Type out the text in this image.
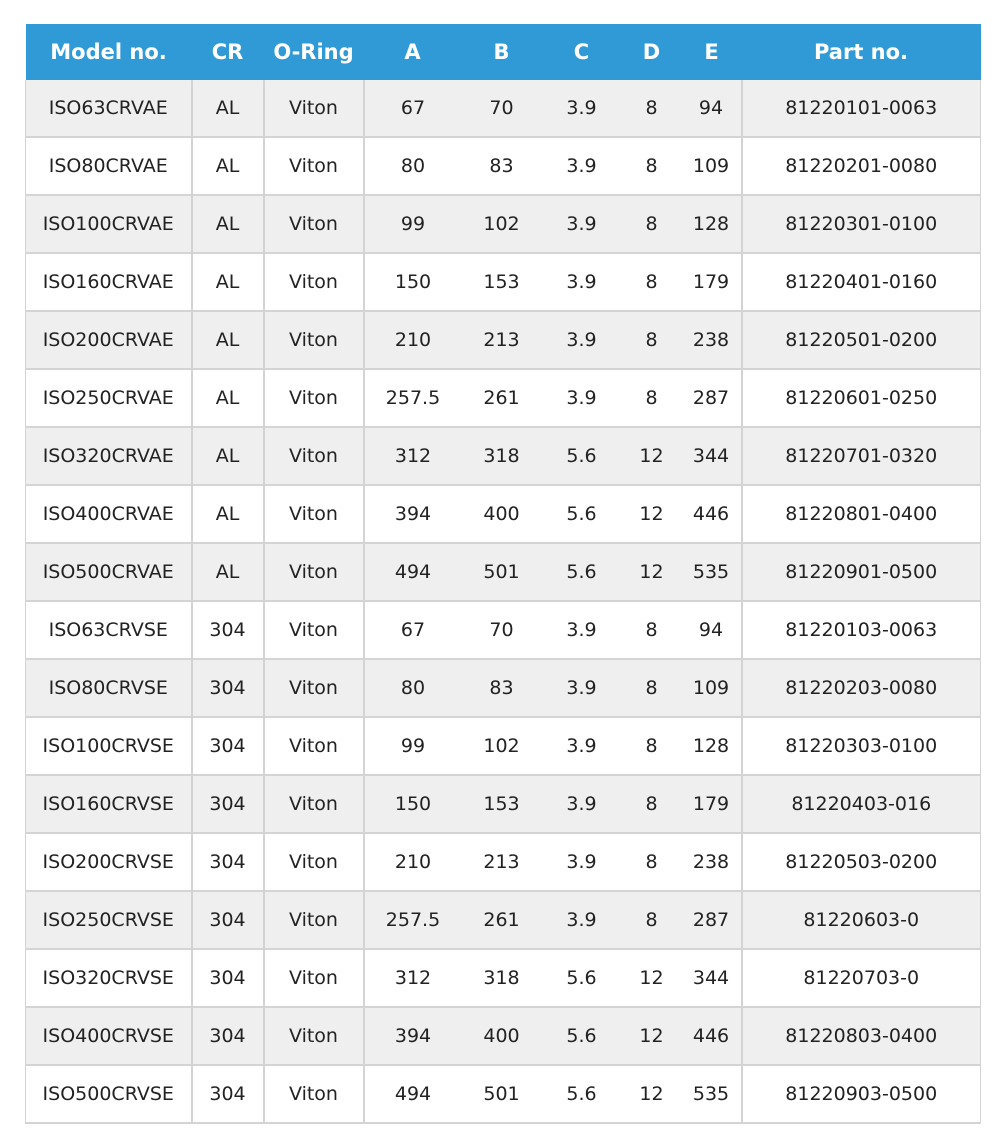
Model no.	CR	O-Ring	A	B	C	D	E	Part no.
ISO63CRVAE	AL	Viton	67	70	3.9	8	94	81220101-0063
ISO80CRVAE	AL	Viton	80	83	3.9	8	109	81220201-0080
ISO100CRVAE	AL	Viton	99	102	3.9	8	128	81220301-0100
ISO160CRVAE	AL	Viton	150	153	3.9	8	179	81220401-0160
ISO200CRVAE	AL	Viton	210	213	3.9	8	238	81220501-0200
ISO250CRVAE	AL	Viton	257.5	261	3.9	8	287	81220601-0250
ISO320CRVAE	AL	Viton	312	318	5.6	12	344	81220701-0320
ISO400CRVAE	AL	Viton	394	400	5.6	12	446	81220801-0400
ISO500CRVAE	AL	Viton	494	501	5.6	12	535	81220901-0500
ISO63CRVSE	304	Viton	67	70	3.9	8	94	81220103-0063
ISO80CRVSE	304	Viton	80	83	3.9	8	109	81220203-0080
ISO100CRVSE	304	Viton	99	102	3.9	8	128	81220303-0100
ISO160CRVSE	304	Viton	150	153	3.9	8	179	81220403-016
ISO200CRVSE	304	Viton	210	213	3.9	8	238	81220503-0200
ISO250CRVSE	304	Viton	257.5	261	3.9	8	287	81220603-0
ISO320CRVSE	304	Viton	312	318	5.6	12	344	81220703-0
ISO400CRVSE	304	Viton	394	400	5.6	12	446	81220803-0400
ISO500CRVSE	304	Viton	494	501	5.6	12	535	81220903-0500
